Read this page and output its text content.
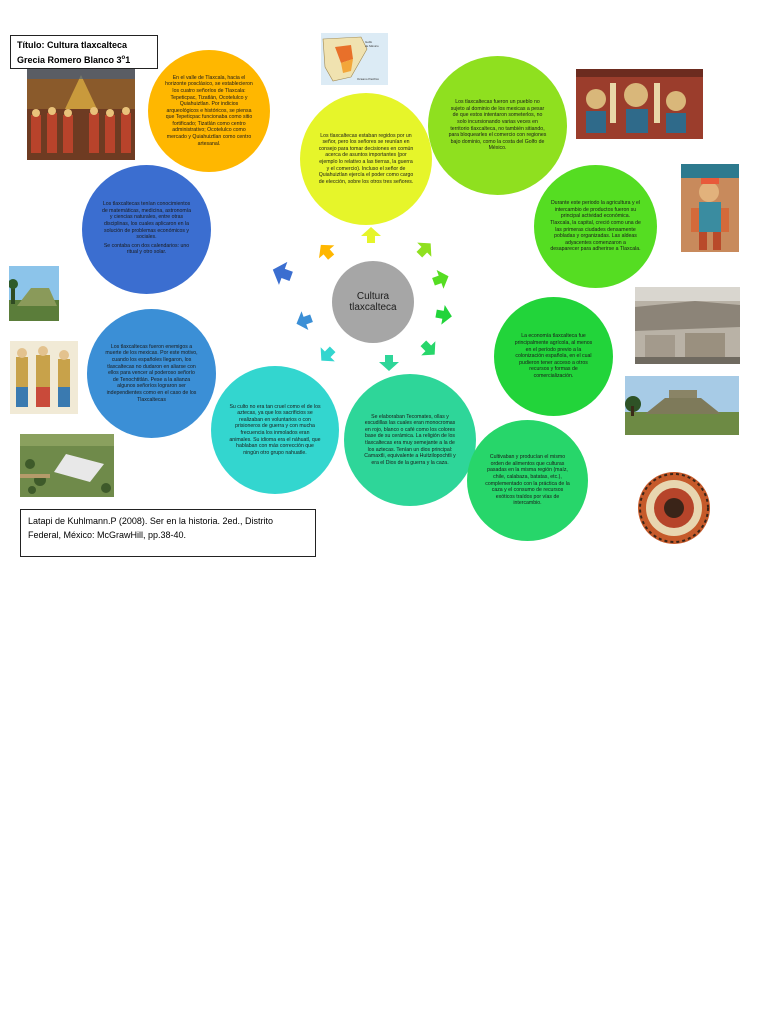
Título: Cultura tlaxcalteca
Grecia Romero Blanco 3$^o$1
En el valle de Tlaxcala, hacia el horizonte posclásico, se establecieron los cuatro señoríos de Tlaxcala: Tepeticpac, Tizatlán, Ocotelulco y Quiahuiztlan. Por indicios arqueológicos e históricos, se piensa que Tepeticpac funcionaba como sitio fortificado; Tizatlán como centro administrativo; Ocotelulco como mercado y Quiahuiztlan como centro artesanal.
Golfo
de México
Océano Pacífico
Los tlaxcaltecas estaban regidos por un señor, pero los señores se reunían en consejo para tomar decisiones en común acerca de asuntos importantes (por ejemplo lo relativo a las tierras, la guerra y el comercio). Incluso el señor de Quiahuiztlan ejercía el poder como cargo de elección, sobre los otros tres señores.
Los tlaxcaltecas fueron un pueblo no sujeto al dominio de los mexicas a pesar de que estos intentaron someterlos, no solo incursionando varias veces en territorio tlaxcalteca, no también sitiando, para bloquearles el comercio con regiones bajo dominio, como la costa del Golfo de México.
Durante este periodo la agricultura y el intercambio de productos fueron su principal actividad económica. Tlaxcala, la capital, creció como una de las primeras ciudades densamente pobladas y organizadas. Las aldeas adyacentes comenzaron a desaparecer para adherirse a Tlaxcala.

Los tlaxcaltecas tenían conocimientos de matemáticas, medicina, astronomía y ciencias naturales, entre otras disciplinas, los cuales aplicaron en la solución de problemas económicos y sociales.

Se contaba con dos calendarios: uno ritual y otro solar.

Cultura tlaxcalteca
La economía tlaxcalteca fue principalmente agrícola, al menos en el período previo a la colonización española, en el cual pudieron tener acceso a otros recursos y formas de comercialización.
Los tlaxcaltecas fueron enemigos a muerte de los mexicas. Por este motivo, cuando los españoles llegaron, los tlaxcaltecas no dudaron en aliarse con ellos para vencer al poderoso señorío de Tenochtitlán. Pese a la alianza algunos señoríos lograron ser independientes como en el caso de los Tlaxcaltecas
Su culto no era tan cruel como el de los aztecas, ya que los sacrificios se realizaban en voluntarios o con prisioneros de guerra y con mucha frecuencia los inmolados eran animales. Su idioma era el náhuatl, que hablaban con más corrección que ningún otro grupo nahuatle.
Se elaboraban Tecomates, ollas y escudillas las cuales eran monocromas en rojo, blanco o café como los colores base de su cerámica. La religión de los tlaxcaltecas era muy semejante a la de los aztecas. Tenían un dios principal: Camaxtli, equivalente a Huitzilopochtli y era el Dios de la guerra y la caza.
Cultivaban y producían el mismo orden de alimentos que culturas pasadas en la misma región (maíz, chile, calabaza, batatas, etc.), complementado con la práctica de la caza y el consumo de recursos exóticos traídos por vías de intercambio.
Latapi de Kuhlmann.P (2008). Ser en la historia. 2ed., Distrito
Federal, México: McGrawHill, pp.38-40.
